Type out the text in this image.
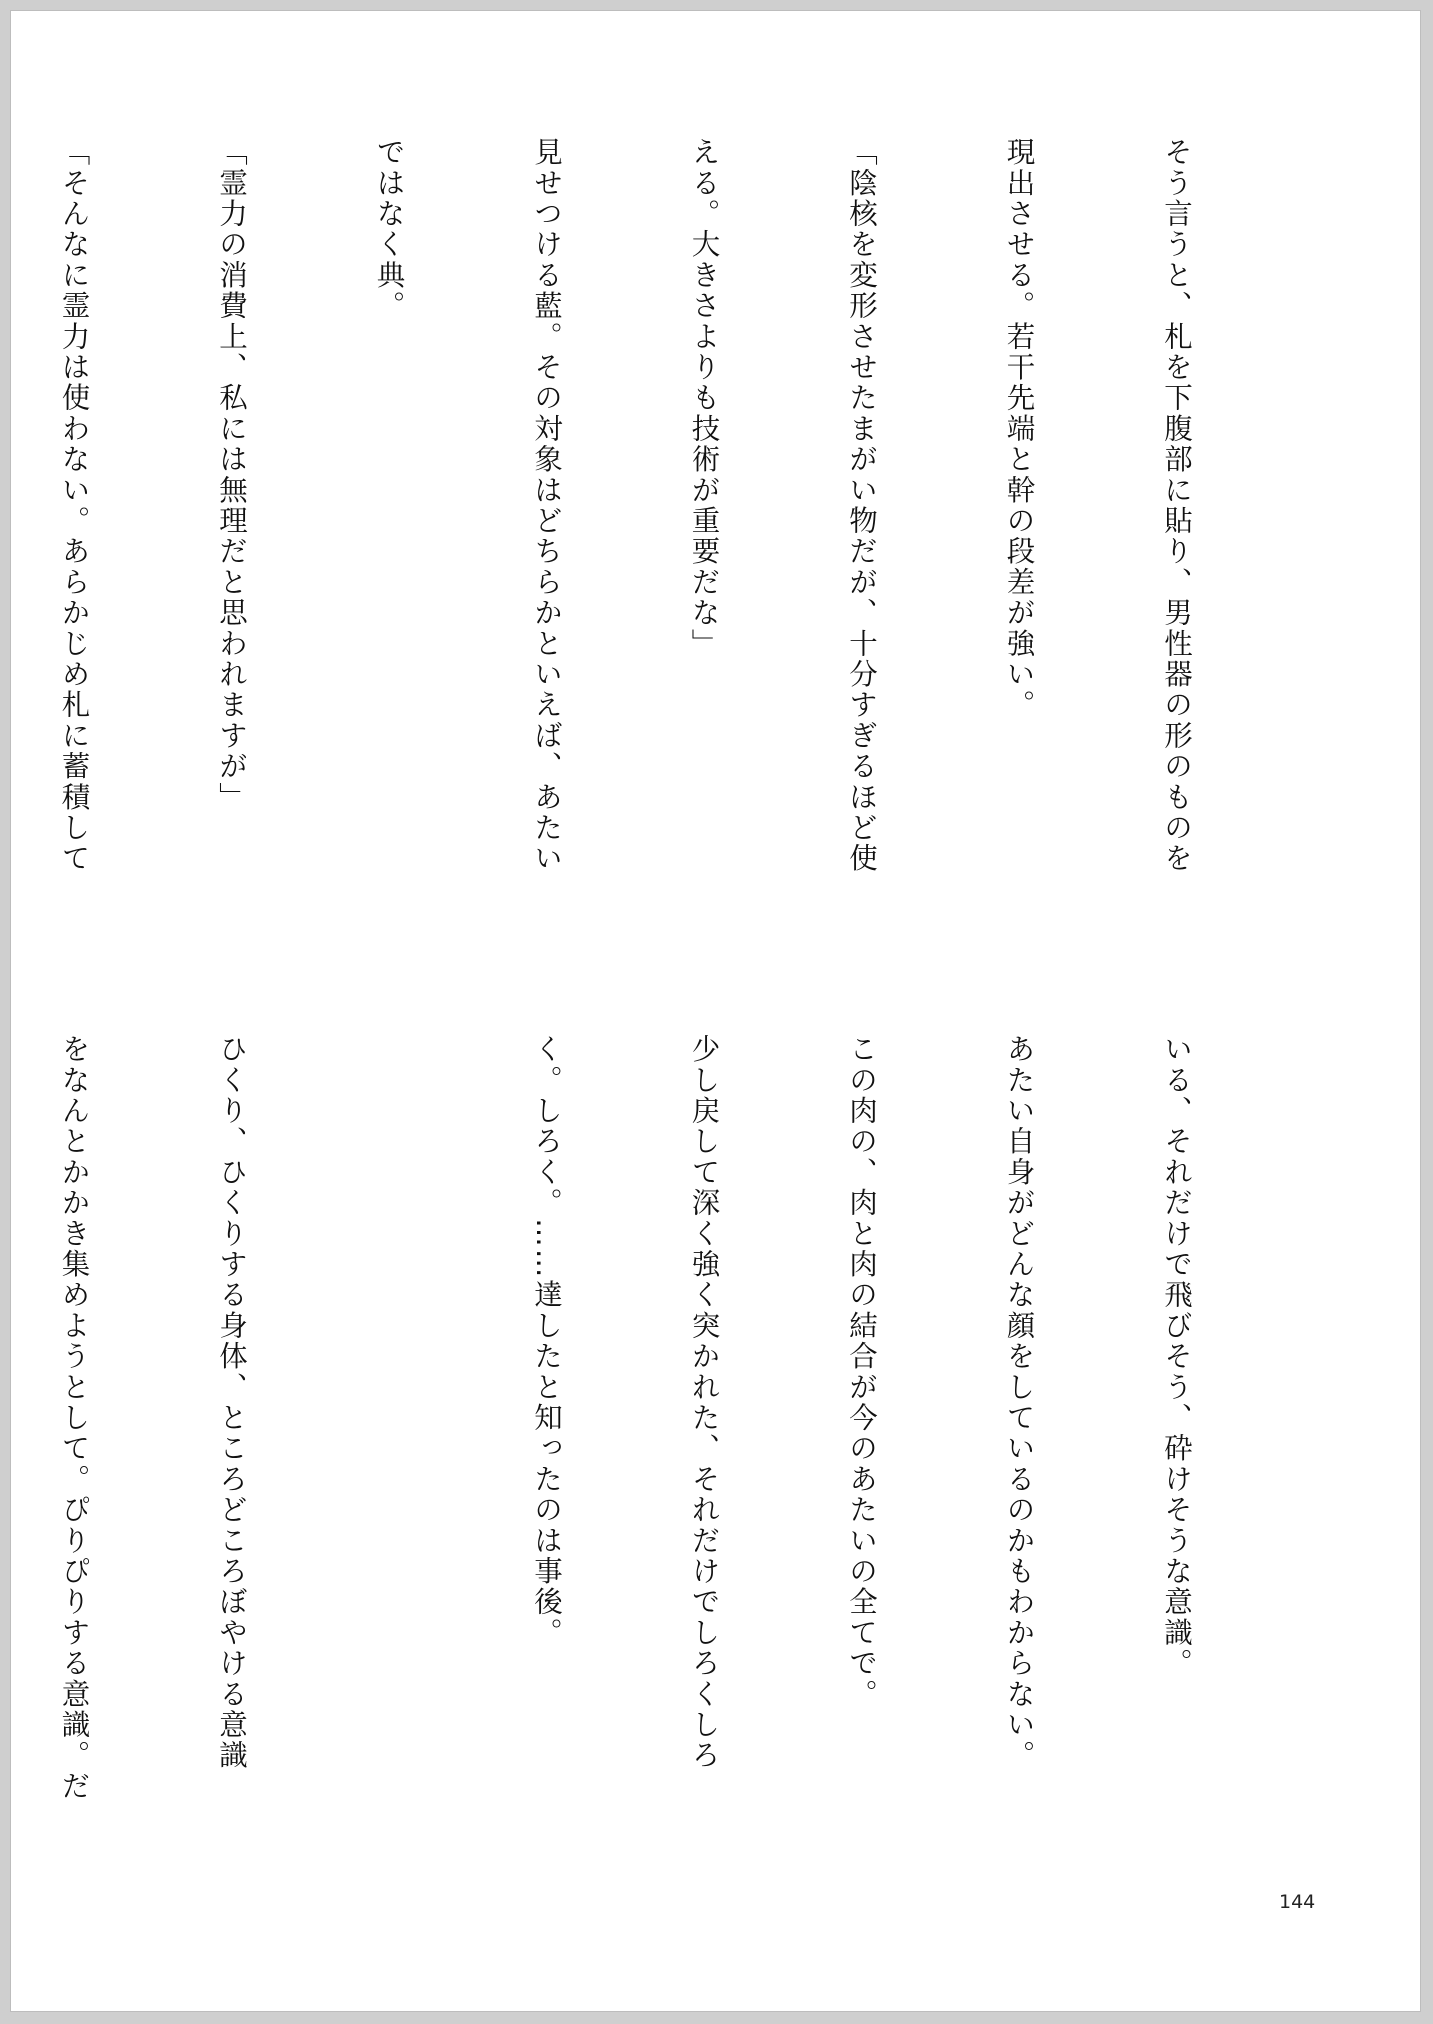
そう言うと、札を下腹部に貼り、男性器の形のものを

現出させる。若干先端と幹の段差が強い。

「陰核を変形させたまがい物だが、十分すぎるほど使

える。大きさよりも技術が重要だな」

見せつける藍。その対象はどちらかといえば、あたい

ではなく典。

「霊力の消費上、私には無理だと思われますが」

「そんなに霊力は使わない。あらかじめ札に蓄積して

いる、それだけで飛びそう、砕けそうな意識。

あたい自身がどんな顔をしているのかもわからない。

この肉の、肉と肉の結合が今のあたいの全てで。

少し戻して深く強く突かれた、それだけでしろくしろ

く。しろく。……達したと知ったのは事後。

ひくり、ひくりする身体、ところどころぼやける意識

をなんとかかき集めようとして。ぴりぴりする意識。だ

144
